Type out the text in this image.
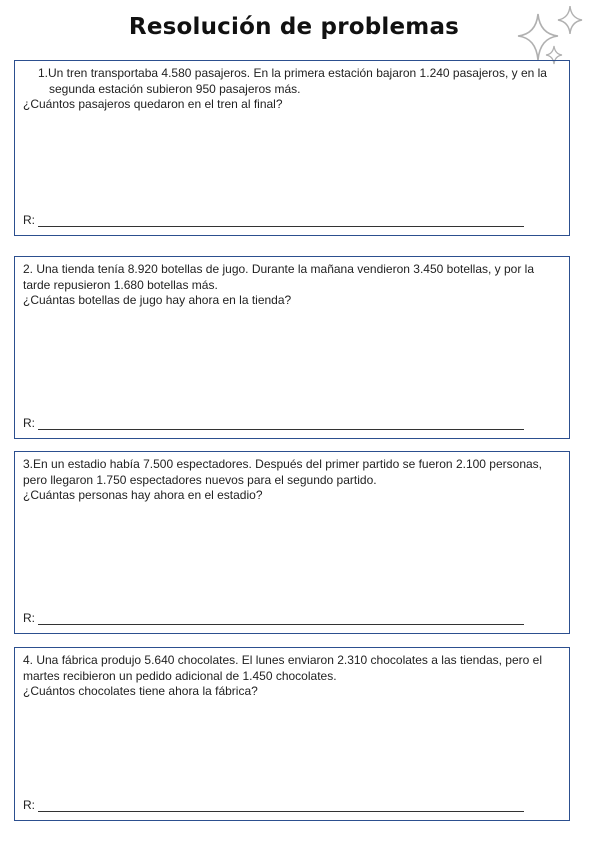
Resolución de problemas

1.Un tren transportaba 4.580 pasajeros. En la primera estación bajaron 1.240 pasajeros, y en la segunda estación subieron 950 pasajeros más.

¿Cuántos pasajeros quedaron en el tren al final?

R:

2. Una tienda tenía 8.920 botellas de jugo. Durante la mañana vendieron 3.450 botellas, y por la tarde repusieron 1.680 botellas más.

¿Cuántas botellas de jugo hay ahora en la tienda?

R:

3.En un estadio había 7.500 espectadores. Después del primer partido se fueron 2.100 personas, pero llegaron 1.750 espectadores nuevos para el segundo partido.

¿Cuántas personas hay ahora en el estadio?

R:

4. Una fábrica produjo 5.640 chocolates. El lunes enviaron 2.310 chocolates a las tiendas, pero el martes recibieron un pedido adicional de 1.450 chocolates.

¿Cuántos chocolates tiene ahora la fábrica?

R:
